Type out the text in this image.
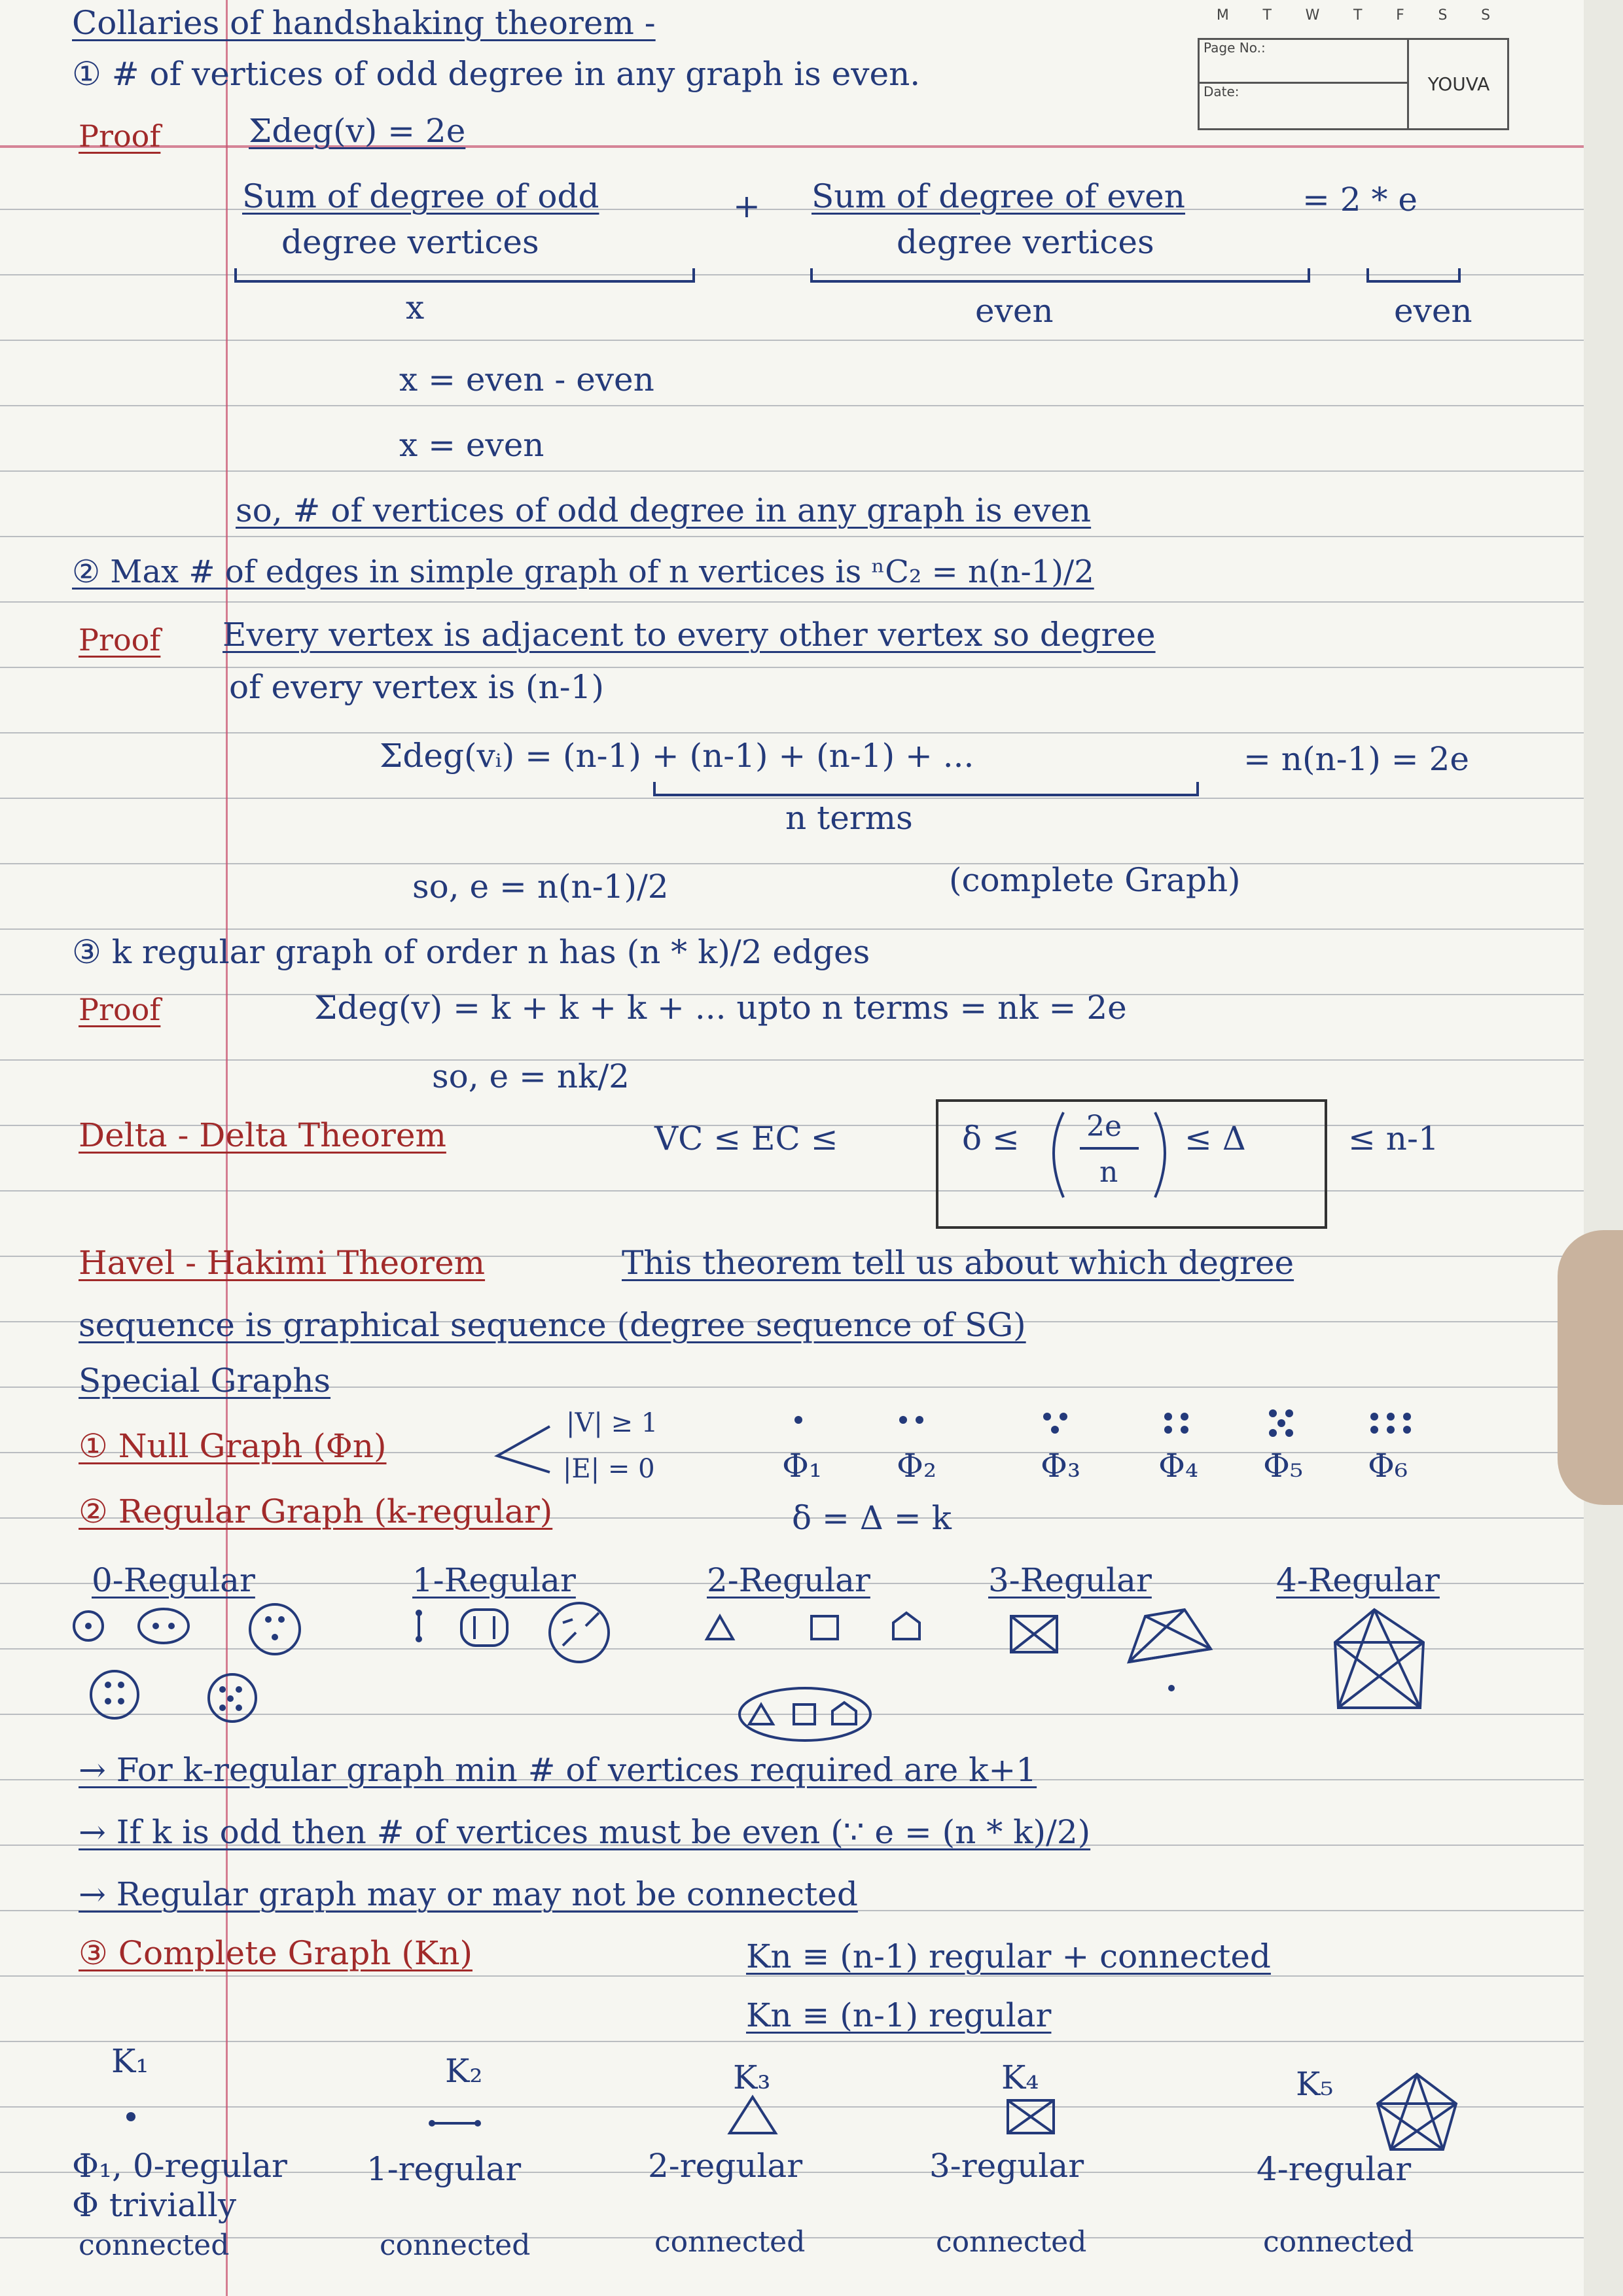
M T W T F S S
Page No.:
Date:	YOUVA
Collaries of handshaking theorem -
① # of vertices of odd degree in any graph is even.
Proof	Σdeg(v) = 2e
Sum of degree of odd
degree vertices
+ Sum of degree of even
degree vertices
= 2 * e
x	even	even
x = even - even
x = even
so, # of vertices of odd degree in any graph is even
② Max # of edges in simple graph of n vertices is ⁿC₂ = n(n-1)/2
Proof Every vertex is adjacent to every other vertex so degree
of every vertex is (n-1)
Σdeg(vᵢ) = (n-1) + (n-1) + (n-1) + ...	= n(n-1) = 2e
n terms
so, e = n(n-1)/2	(complete Graph)
③ k regular graph of order n has (n * k)/2 edges
Proof	Σdeg(v) = k + k + k + ... upto n terms = nk = 2e
so, e = nk/2
Delta - Delta Theorem	VC ≤ EC ≤	δ ≤ 2e
n
≤ Δ	≤ n-1
Havel - Hakimi Theorem	This theorem tell us about which degree
sequence is graphical sequence (degree sequence of SG)
Special Graphs
① Null Graph (Φn)
|V| ≥ 1
|E| = 0	Φ₁ Φ₂	Φ₃ Φ₄ Φ₅ Φ₆
② Regular Graph (k-regular)	δ = Δ = k
0-Regular	1-Regular	2-Regular	3-Regular	4-Regular
→ For k-regular graph min # of vertices required are k+1
→ If k is odd then # of vertices must be even (∵ e = (n * k)/2)
→ Regular graph may or may not be connected
③ Complete Graph (Kn)	Kn ≡ (n-1) regular + connected
Kn ≡ (n-1) regular
K₁	K₂	K₃	K₄	K₅
Φ₁, 0-regular
Φ trivially
connected
1-regular
connected
2-regular
connected
3-regular
connected
4-regular
connected
